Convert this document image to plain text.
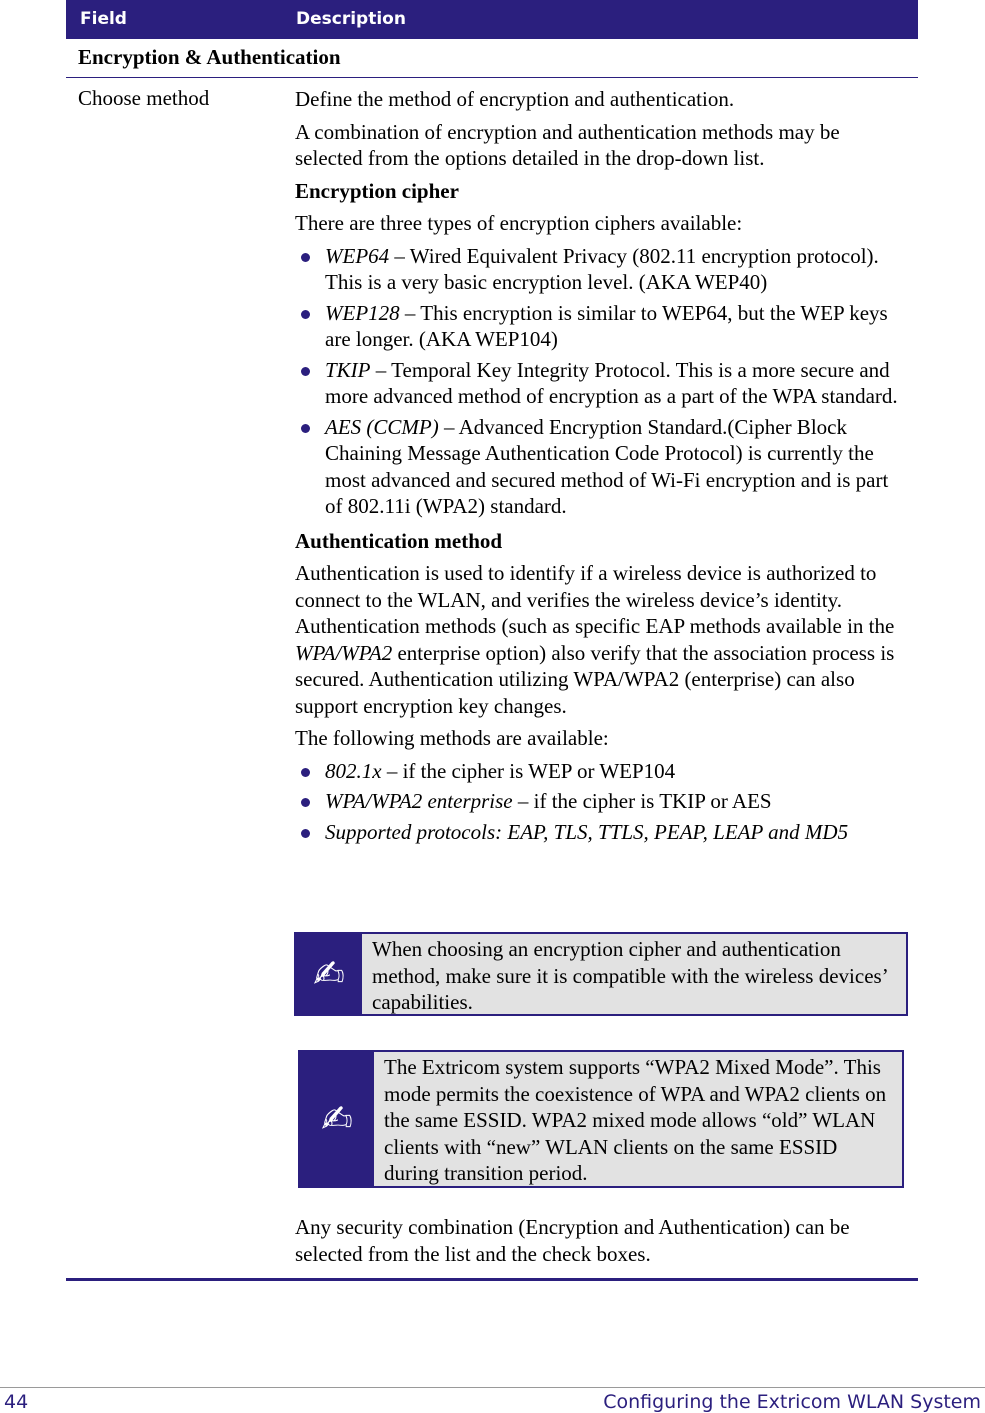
Field	Description
Encryption & Authentication
Choose method	Define the method of encryption and authentication.

A combination of encryption and authentication methods may be selected from the options detailed in the drop-down list.

Encryption cipher

There are three types of encryption ciphers available:

WEP64 – Wired Equivalent Privacy (802.11 encryption protocol). This is a very basic encryption level. (AKA WEP40)
WEP128 – This encryption is similar to WEP64, but the WEP keys are longer. (AKA WEP104)
TKIP – Temporal Key Integrity Protocol. This is a more secure and more advanced method of encryption as a part of the WPA standard.
AES (CCMP) – Advanced Encryption Standard.(Cipher Block Chaining Message Authentication Code Protocol) is currently the most advanced and secured method of Wi-Fi encryption and is part of 802.11i (WPA2) standard.

Authentication method

Authentication is used to identify if a wireless device is authorized to connect to the WLAN, and verifies the wireless device’s identity. Authentication methods (such as specific EAP methods available in the WPA/WPA2 enterprise option) also verify that the association process is secured. Authentication utilizing WPA/WPA2 (enterprise) can also support encryption key changes.

The following methods are available:

802.1x – if the cipher is WEP or WEP104
WPA/WPA2 enterprise – if the cipher is TKIP or AES
Supported protocols: EAP, TLS, TTLS, PEAP, LEAP and MD5
✍
When choosing an encryption cipher and authentication method, make sure it is compatible with the wireless devices’ capabilities.
✍
The Extricom system supports “WPA2 Mixed Mode”. This mode permits the coexistence of WPA and WPA2 clients on the same ESSID. WPA2 mixed mode allows “old” WLAN clients with “new” WLAN clients on the same ESSID during transition period.
Any security combination (Encryption and Authentication) can be selected from the list and the check boxes.
44	Configuring the Extricom WLAN System
